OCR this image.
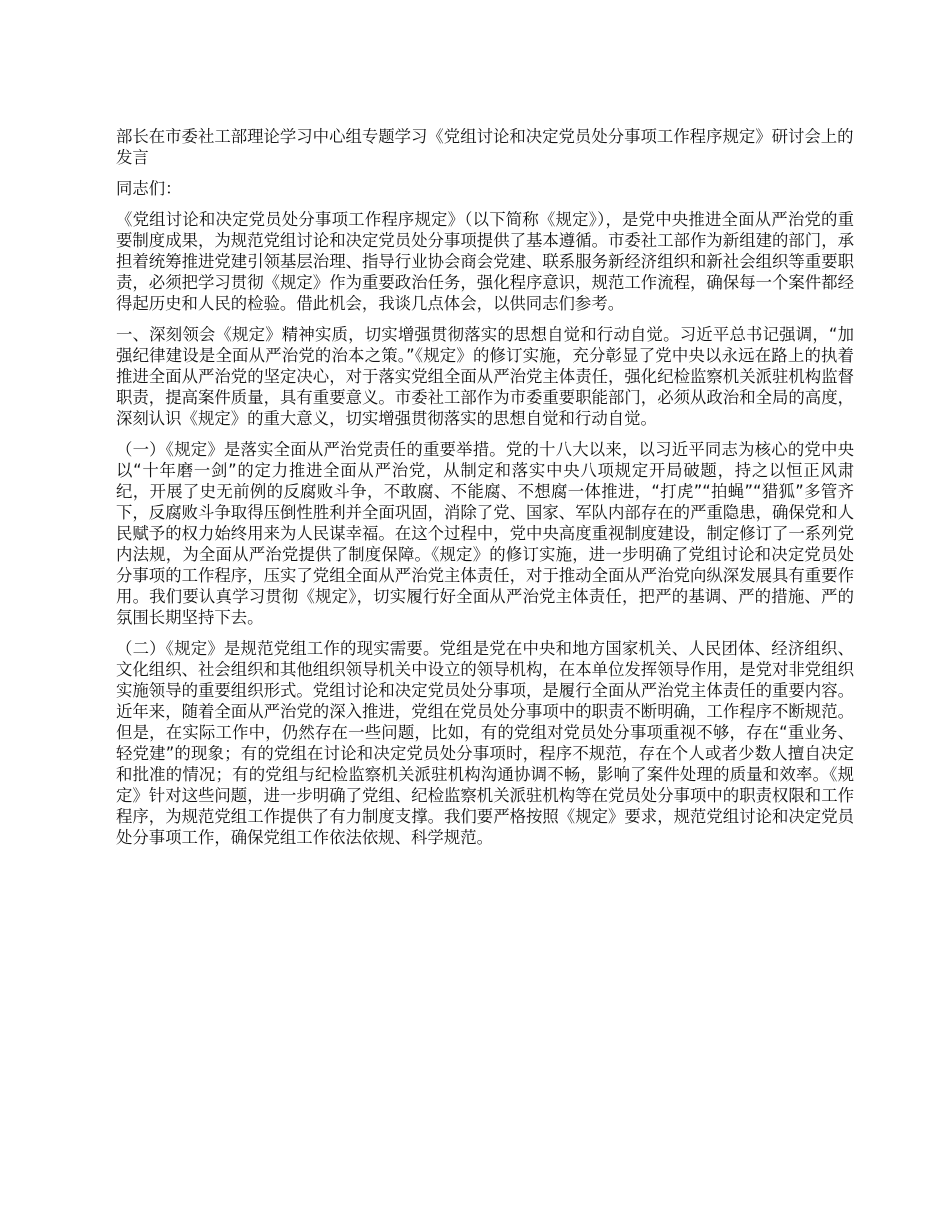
部长在市委社工部理论学习中心组专题学习《党组讨论和决定党员处分事项工作程序规定》研讨会上的发言
同志们：
《党组讨论和决定党员处分事项工作程序规定》（以下简称《规定》），是党中央推进全面从严治党的重要制度成果，为规范党组讨论和决定党员处分事项提供了基本遵循。市委社工部作为新组建的部门，承担着统筹推进党建引领基层治理、指导行业协会商会党建、联系服务新经济组织和新社会组织等重要职责，必须把学习贯彻《规定》作为重要政治任务，强化程序意识，规范工作流程，确保每一个案件都经得起历史和人民的检验。借此机会，我谈几点体会，以供同志们参考。
一、深刻领会《规定》精神实质，切实增强贯彻落实的思想自觉和行动自觉。习近平总书记强调，“加强纪律建设是全面从严治党的治本之策。”《规定》的修订实施，充分彰显了党中央以永远在路上的执着推进全面从严治党的坚定决心，对于落实党组全面从严治党主体责任，强化纪检监察机关派驻机构监督职责，提高案件质量，具有重要意义。市委社工部作为市委重要职能部门，必须从政治和全局的高度，深刻认识《规定》的重大意义，切实增强贯彻落实的思想自觉和行动自觉。
（一）《规定》是落实全面从严治党责任的重要举措。党的十八大以来，以习近平同志为核心的党中央以“十年磨一剑”的定力推进全面从严治党，从制定和落实中央八项规定开局破题，持之以恒正风肃纪，开展了史无前例的反腐败斗争，不敢腐、不能腐、不想腐一体推进，“打虎”“拍蝇”“猎狐”多管齐下，反腐败斗争取得压倒性胜利并全面巩固，消除了党、国家、军队内部存在的严重隐患，确保党和人民赋予的权力始终用来为人民谋幸福。在这个过程中，党中央高度重视制度建设，制定修订了一系列党内法规，为全面从严治党提供了制度保障。《规定》的修订实施，进一步明确了党组讨论和决定党员处分事项的工作程序，压实了党组全面从严治党主体责任，对于推动全面从严治党向纵深发展具有重要作用。我们要认真学习贯彻《规定》，切实履行好全面从严治党主体责任，把严的基调、严的措施、严的氛围长期坚持下去。
（二）《规定》是规范党组工作的现实需要。党组是党在中央和地方国家机关、人民团体、经济组织、文化组织、社会组织和其他组织领导机关中设立的领导机构，在本单位发挥领导作用，是党对非党组织实施领导的重要组织形式。党组讨论和决定党员处分事项，是履行全面从严治党主体责任的重要内容。近年来，随着全面从严治党的深入推进，党组在党员处分事项中的职责不断明确，工作程序不断规范。但是，在实际工作中，仍然存在一些问题，比如，有的党组对党员处分事项重视不够，存在“重业务、轻党建”的现象；有的党组在讨论和决定党员处分事项时，程序不规范，存在个人或者少数人擅自决定和批准的情况；有的党组与纪检监察机关派驻机构沟通协调不畅，影响了案件处理的质量和效率。《规定》针对这些问题，进一步明确了党组、纪检监察机关派驻机构等在党员处分事项中的职责权限和工作程序，为规范党组工作提供了有力制度支撑。我们要严格按照《规定》要求，规范党组讨论和决定党员处分事项工作，确保党组工作依法依规、科学规范。
